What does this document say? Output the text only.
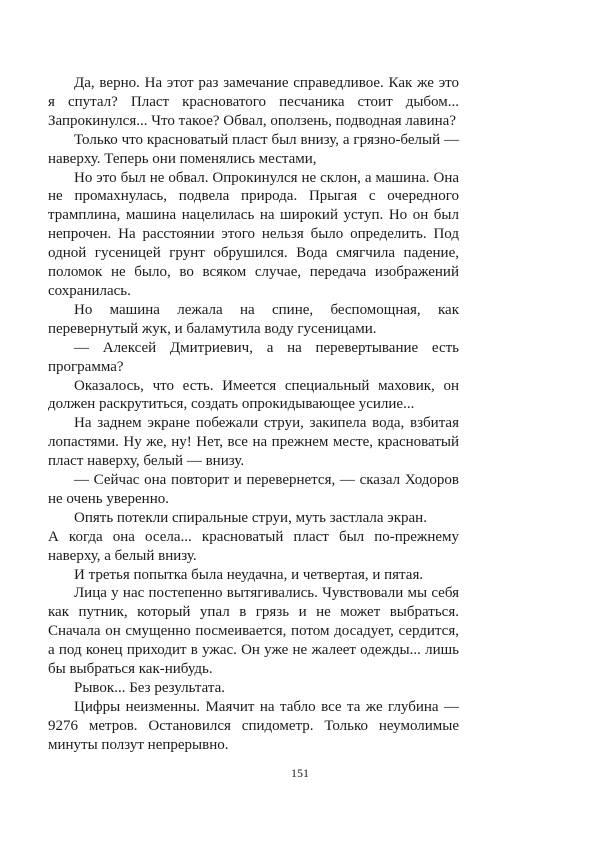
Да, верно. На этот раз замечание справедливое. Как же это я спутал? Пласт красноватого песчаника стоит дыбом... Запрокинулся... Что такое? Обвал, оползень, подводная лавина?

Только что красноватый пласт был внизу, а грязно-белый — наверху. Теперь они поменялись местами,

Но это был не обвал. Опрокинулся не склон, а машина. Она не промахнулась, подвела природа. Прыгая с очередного трамплина, машина нацелилась на широкий уступ. Но он был непрочен. На расстоянии этого нельзя было определить. Под одной гусеницей грунт обрушился. Вода смягчила падение, поломок не было, во всяком случае, передача изображений сохранилась.

Но машина лежала на спине, беспомощная, как перевернутый жук, и баламутила воду гусеницами.

— Алексей Дмитриевич, а на перевертывание есть программа?

Оказалось, что есть. Имеется специальный маховик, он должен раскрутиться, создать опрокидывающее усилие...

На заднем экране побежали струи, закипела вода, взбитая лопастями. Ну же, ну! Нет, все на прежнем месте, красноватый пласт наверху, белый — внизу.

— Сейчас она повторит и перевернется, — сказал Ходоров не очень уверенно.

Опять потекли спиральные струи, муть застлала экран.

А когда она осела... красноватый пласт был по-прежнему наверху, а белый внизу.

И третья попытка была неудачна, и четвертая, и пятая.

Лица у нас постепенно вытягивались. Чувствовали мы себя как путник, который упал в грязь и не может выбраться. Сначала он смущенно посмеивается, потом досадует, сердится, а под конец приходит в ужас. Он уже не жалеет одежды... лишь бы выбраться как-нибудь.

Рывок... Без результата.

Цифры неизменны. Маячит на табло все та же глубина — 9276 метров. Остановился спидометр. Только неумолимые минуты ползут непрерывно.

151
